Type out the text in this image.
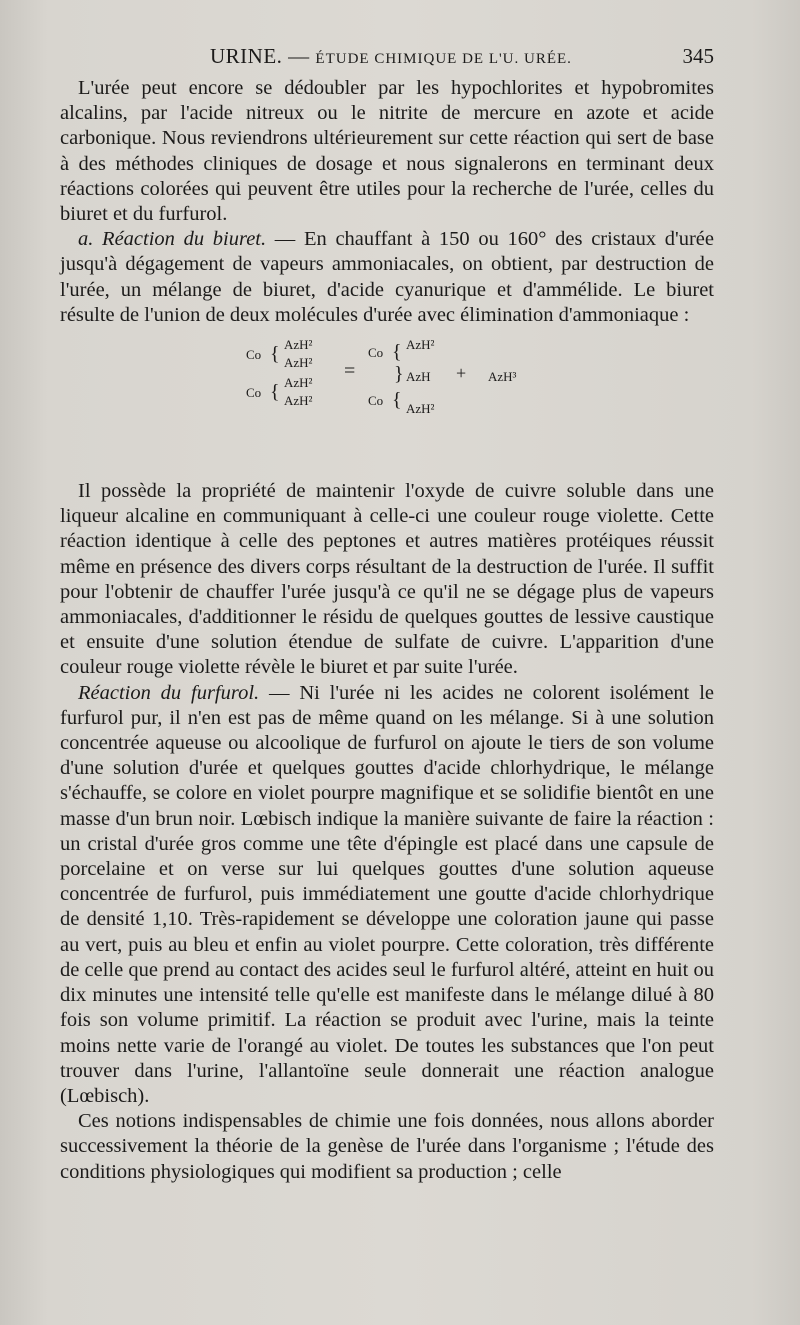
URINE. — ÉTUDE CHIMIQUE DE L'U. URÉE.	345

L'urée peut encore se dédoubler par les hypochlorites et hypobromites alcalins, par l'acide nitreux ou le nitrite de mercure en azote et acide carbonique. Nous reviendrons ultérieurement sur cette réaction qui sert de base à des méthodes cliniques de dosage et nous signalerons en terminant deux réactions colorées qui peuvent être utiles pour la recherche de l'urée, celles du biuret et du furfurol.

a. Réaction du biuret. — En chauffant à 150 ou 160° des cristaux d'urée jusqu'à dégagement de vapeurs ammoniacales, on obtient, par destruction de l'urée, un mélange de biuret, d'acide cyanurique et d'ammélide. Le biuret résulte de l'union de deux molécules d'urée avec élimination d'ammoniaque :

Co { AzH²
AzH²
Co { AzH²
AzH²
=
Co { AzH²
} AzH + AzH³
Co { AzH²

Il possède la propriété de maintenir l'oxyde de cuivre soluble dans une liqueur alcaline en communiquant à celle-ci une couleur rouge violette. Cette réaction identique à celle des peptones et autres matières protéiques réussit même en présence des divers corps résultant de la destruction de l'urée. Il suffit pour l'obtenir de chauffer l'urée jusqu'à ce qu'il ne se dégage plus de vapeurs ammoniacales, d'additionner le résidu de quelques gouttes de lessive caustique et ensuite d'une solution étendue de sulfate de cuivre. L'apparition d'une couleur rouge violette révèle le biuret et par suite l'urée.

Réaction du furfurol. — Ni l'urée ni les acides ne colorent isolément le furfurol pur, il n'en est pas de même quand on les mélange. Si à une solution concentrée aqueuse ou alcoolique de furfurol on ajoute le tiers de son volume d'une solution d'urée et quelques gouttes d'acide chlorhydrique, le mélange s'échauffe, se colore en violet pourpre magnifique et se solidifie bientôt en une masse d'un brun noir. Lœbisch indique la manière suivante de faire la réaction : un cristal d'urée gros comme une tête d'épingle est placé dans une capsule de porcelaine et on verse sur lui quelques gouttes d'une solution aqueuse concentrée de furfurol, puis immédiatement une goutte d'acide chlorhydrique de densité 1,10. Très-rapidement se développe une coloration jaune qui passe au vert, puis au bleu et enfin au violet pourpre. Cette coloration, très différente de celle que prend au contact des acides seul le furfurol altéré, atteint en huit ou dix minutes une intensité telle qu'elle est manifeste dans le mélange dilué à 80 fois son volume primitif. La réaction se produit avec l'urine, mais la teinte moins nette varie de l'orangé au violet. De toutes les substances que l'on peut trouver dans l'urine, l'allantoïne seule donnerait une réaction analogue (Lœbisch).

Ces notions indispensables de chimie une fois données, nous allons aborder successivement la théorie de la genèse de l'urée dans l'organisme ; l'étude des conditions physiologiques qui modifient sa production ; celle
